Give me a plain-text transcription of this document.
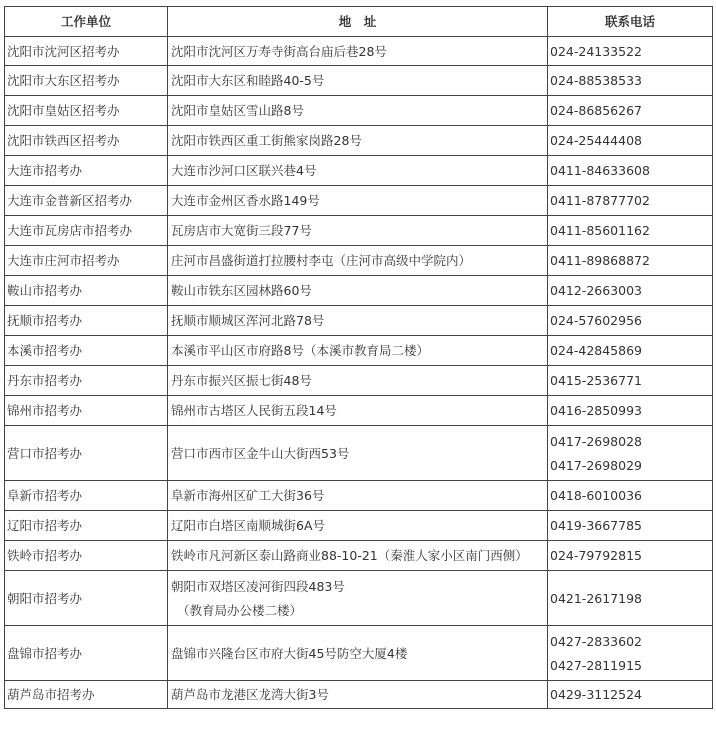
工作单位	地　址	联系电话
沈阳市沈河区招考办	沈阳市沈河区万寿寺街高台庙后巷28号	024-24133522

沈阳市大东区招考办	沈阳市大东区和睦路40-5号	024-88538533

沈阳市皇姑区招考办	沈阳市皇姑区雪山路8号	024-86856267

沈阳市铁西区招考办	沈阳市铁西区重工街熊家岗路28号	024-25444408

大连市招考办	大连市沙河口区联兴巷4号	0411-84633608

大连市金普新区招考办	大连市金州区香水路149号	0411-87877702

大连市瓦房店市招考办	瓦房店市大宽街三段77号	0411-85601162

大连市庄河市招考办	庄河市昌盛街道打拉腰村李屯（庄河市高级中学院内）	0411-89868872

鞍山市招考办	鞍山市铁东区园林路60号	0412-2663003

抚顺市招考办	抚顺市顺城区浑河北路78号	024-57602956

本溪市招考办	本溪市平山区市府路8号（本溪市教育局二楼）	024-42845869

丹东市招考办	丹东市振兴区振七街48号	0415-2536771

锦州市招考办	锦州市古塔区人民街五段14号	0416-2850993

营口市招考办	营口市西市区金牛山大街西53号	0417-2698028
0417-2698029

阜新市招考办	阜新市海州区矿工大街36号	0418-6010036

辽阳市招考办	辽阳市白塔区南顺城街6A号	0419-3667785

铁岭市招考办	铁岭市凡河新区泰山路商业88-10-21（秦淮人家小区南门西侧）	024-79792815

朝阳市招考办	朝阳市双塔区凌河街四段483号
（教育局办公楼二楼）	0421-2617198

盘锦市招考办	盘锦市兴隆台区市府大街45号防空大厦4楼	0427-2833602
0427-2811915

葫芦岛市招考办	葫芦岛市龙港区龙湾大街3号	0429-3112524
